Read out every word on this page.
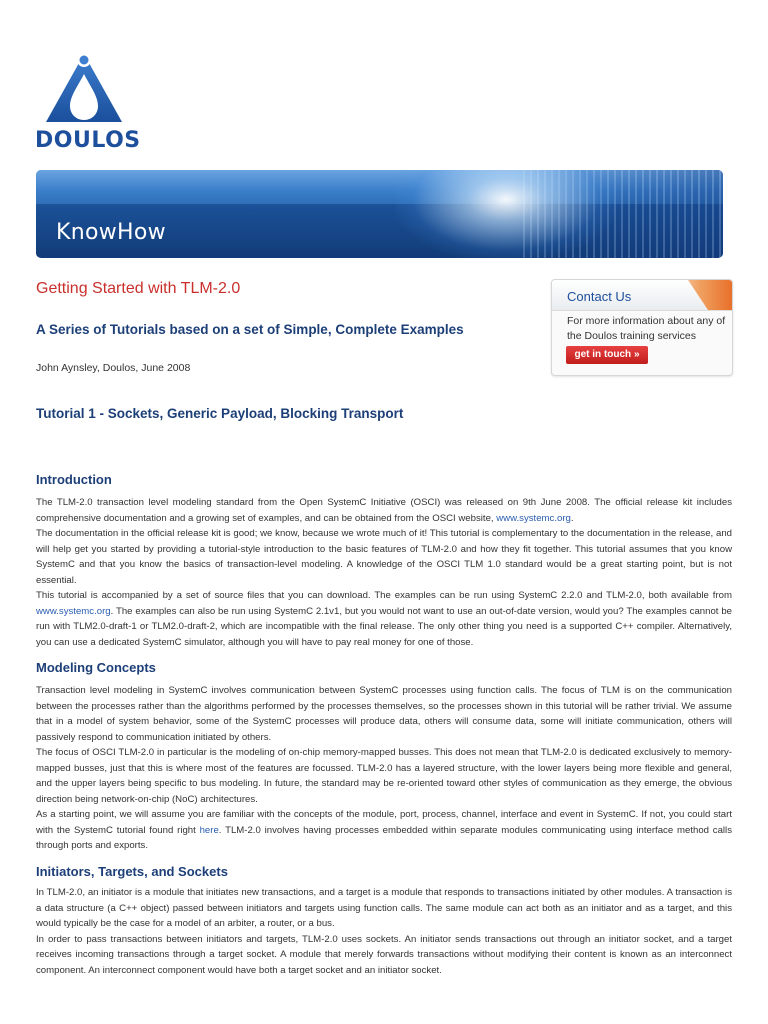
DOULOS
KnowHow
Contact Us
For more information about any of the Doulos training services
get in touch »
Getting Started with TLM-2.0
A Series of Tutorials based on a set of Simple, Complete Examples
John Aynsley, Doulos, June 2008
Tutorial 1 - Sockets, Generic Payload, Blocking Transport
Introduction

The TLM-2.0 transaction level modeling standard from the Open SystemC Initiative (OSCI) was released on 9th June 2008. The official release kit includes comprehensive documentation and a growing set of examples, and can be obtained from the OSCI website, www.systemc.org.

The documentation in the official release kit is good; we know, because we wrote much of it! This tutorial is complementary to the documentation in the release, and will help get you started by providing a tutorial-style introduction to the basic features of TLM-2.0 and how they fit together. This tutorial assumes that you know SystemC and that you know the basics of transaction-level modeling. A knowledge of the OSCI TLM 1.0 standard would be a great starting point, but is not essential.

This tutorial is accompanied by a set of source files that you can download. The examples can be run using SystemC 2.2.0 and TLM-2.0, both available from www.systemc.org. The examples can also be run using SystemC 2.1v1, but you would not want to use an out-of-date version, would you? The examples cannot be run with TLM2.0-draft-1 or TLM2.0-draft-2, which are incompatible with the final release. The only other thing you need is a supported C++ compiler. Alternatively, you can use a dedicated SystemC simulator, although you will have to pay real money for one of those.

Modeling Concepts

Transaction level modeling in SystemC involves communication between SystemC processes using function calls. The focus of TLM is on the communication between the processes rather than the algorithms performed by the processes themselves, so the processes shown in this tutorial will be rather trivial. We assume that in a model of system behavior, some of the SystemC processes will produce data, others will consume data, some will initiate communication, others will passively respond to communication initiated by others.

The focus of OSCI TLM-2.0 in particular is the modeling of on-chip memory-mapped busses. This does not mean that TLM-2.0 is dedicated exclusively to memory-mapped busses, just that this is where most of the features are focussed. TLM-2.0 has a layered structure, with the lower layers being more flexible and general, and the upper layers being specific to bus modeling. In future, the standard may be re-oriented toward other styles of communication as they emerge, the obvious direction being network-on-chip (NoC) architectures.

As a starting point, we will assume you are familiar with the concepts of the module, port, process, channel, interface and event in SystemC. If not, you could start with the SystemC tutorial found right here. TLM-2.0 involves having processes embedded within separate modules communicating using interface method calls through ports and exports.

Initiators, Targets, and Sockets

In TLM-2.0, an initiator is a module that initiates new transactions, and a target is a module that responds to transactions initiated by other modules. A transaction is a data structure (a C++ object) passed between initiators and targets using function calls. The same module can act both as an initiator and as a target, and this would typically be the case for a model of an arbiter, a router, or a bus.

In order to pass transactions between initiators and targets, TLM-2.0 uses sockets. An initiator sends transactions out through an initiator socket, and a target receives incoming transactions through a target socket. A module that merely forwards transactions without modifying their content is known as an interconnect component. An interconnect component would have both a target socket and an initiator socket.
